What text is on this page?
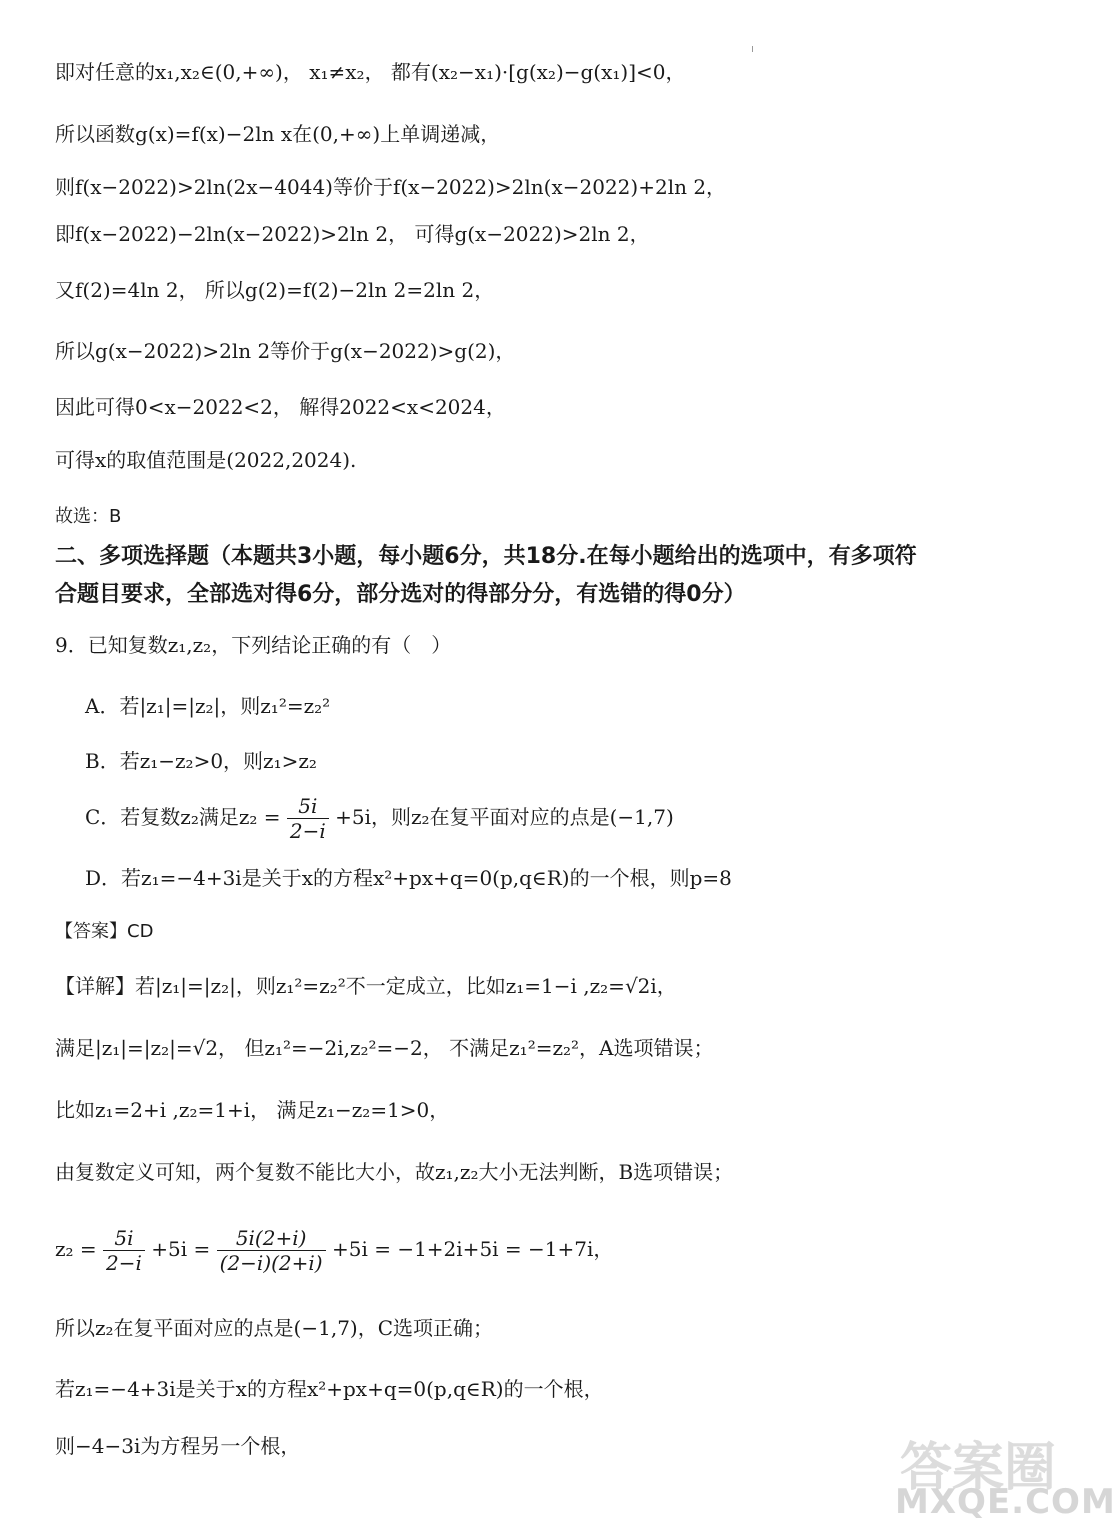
即对任意的x₁,x₂∈(0,+∞)， x₁≠x₂， 都有(x₂−x₁)·[g(x₂)−g(x₁)]<0，
所以函数g(x)=f(x)−2ln x在(0,+∞)上单调递减，
则f(x−2022)>2ln(2x−4044)等价于f(x−2022)>2ln(x−2022)+2ln 2，
即f(x−2022)−2ln(x−2022)>2ln 2， 可得g(x−2022)>2ln 2，
又f(2)=4ln 2， 所以g(2)=f(2)−2ln 2=2ln 2，
所以g(x−2022)>2ln 2等价于g(x−2022)>g(2)，
因此可得0<x−2022<2， 解得2022<x<2024，
可得x的取值范围是(2022,2024).
故选：B
二、多项选择题（本题共3小题，每小题6分，共18分.在每小题给出的选项中，有多项符
合题目要求，全部选对得6分，部分选对的得部分分，有选错的得0分）
9．已知复数z₁,z₂，下列结论正确的有（　）
A．若|z₁|=|z₂|，则z₁²=z₂²
B．若z₁−z₂>0，则z₁>z₂
C．若复数z₂满足$z_2 = \frac{5i}{2-i} +5i$，则z₂在复平面对应的点是(−1,7)
D．若z₁=−4+3i是关于x的方程x²+px+q=0(p,q∈R)的一个根，则p=8
【答案】CD
【详解】若|z₁|=|z₂|，则z₁²=z₂²不一定成立，比如z₁=1−i ,z₂=√2i，
满足|z₁|=|z₂|=√2， 但z₁²=−2i,z₂²=−2， 不满足z₁²=z₂²，A选项错误；
比如z₁=2+i ,z₂=1+i， 满足z₁−z₂=1>0，
由复数定义可知，两个复数不能比大小，故z₁,z₂大小无法判断，B选项错误；
$z_2 = \frac{5i}{2-i} +5i = \frac{5i(2+i)}{(2-i)(2+i)} +5i = -1+2i+5i = -1+7i$，
所以z₂在复平面对应的点是(−1,7)，C选项正确；
若z₁=−4+3i是关于x的方程x²+px+q=0(p,q∈R)的一个根，
则−4−3i为方程另一个根，	答案圈
MXQE.COM
